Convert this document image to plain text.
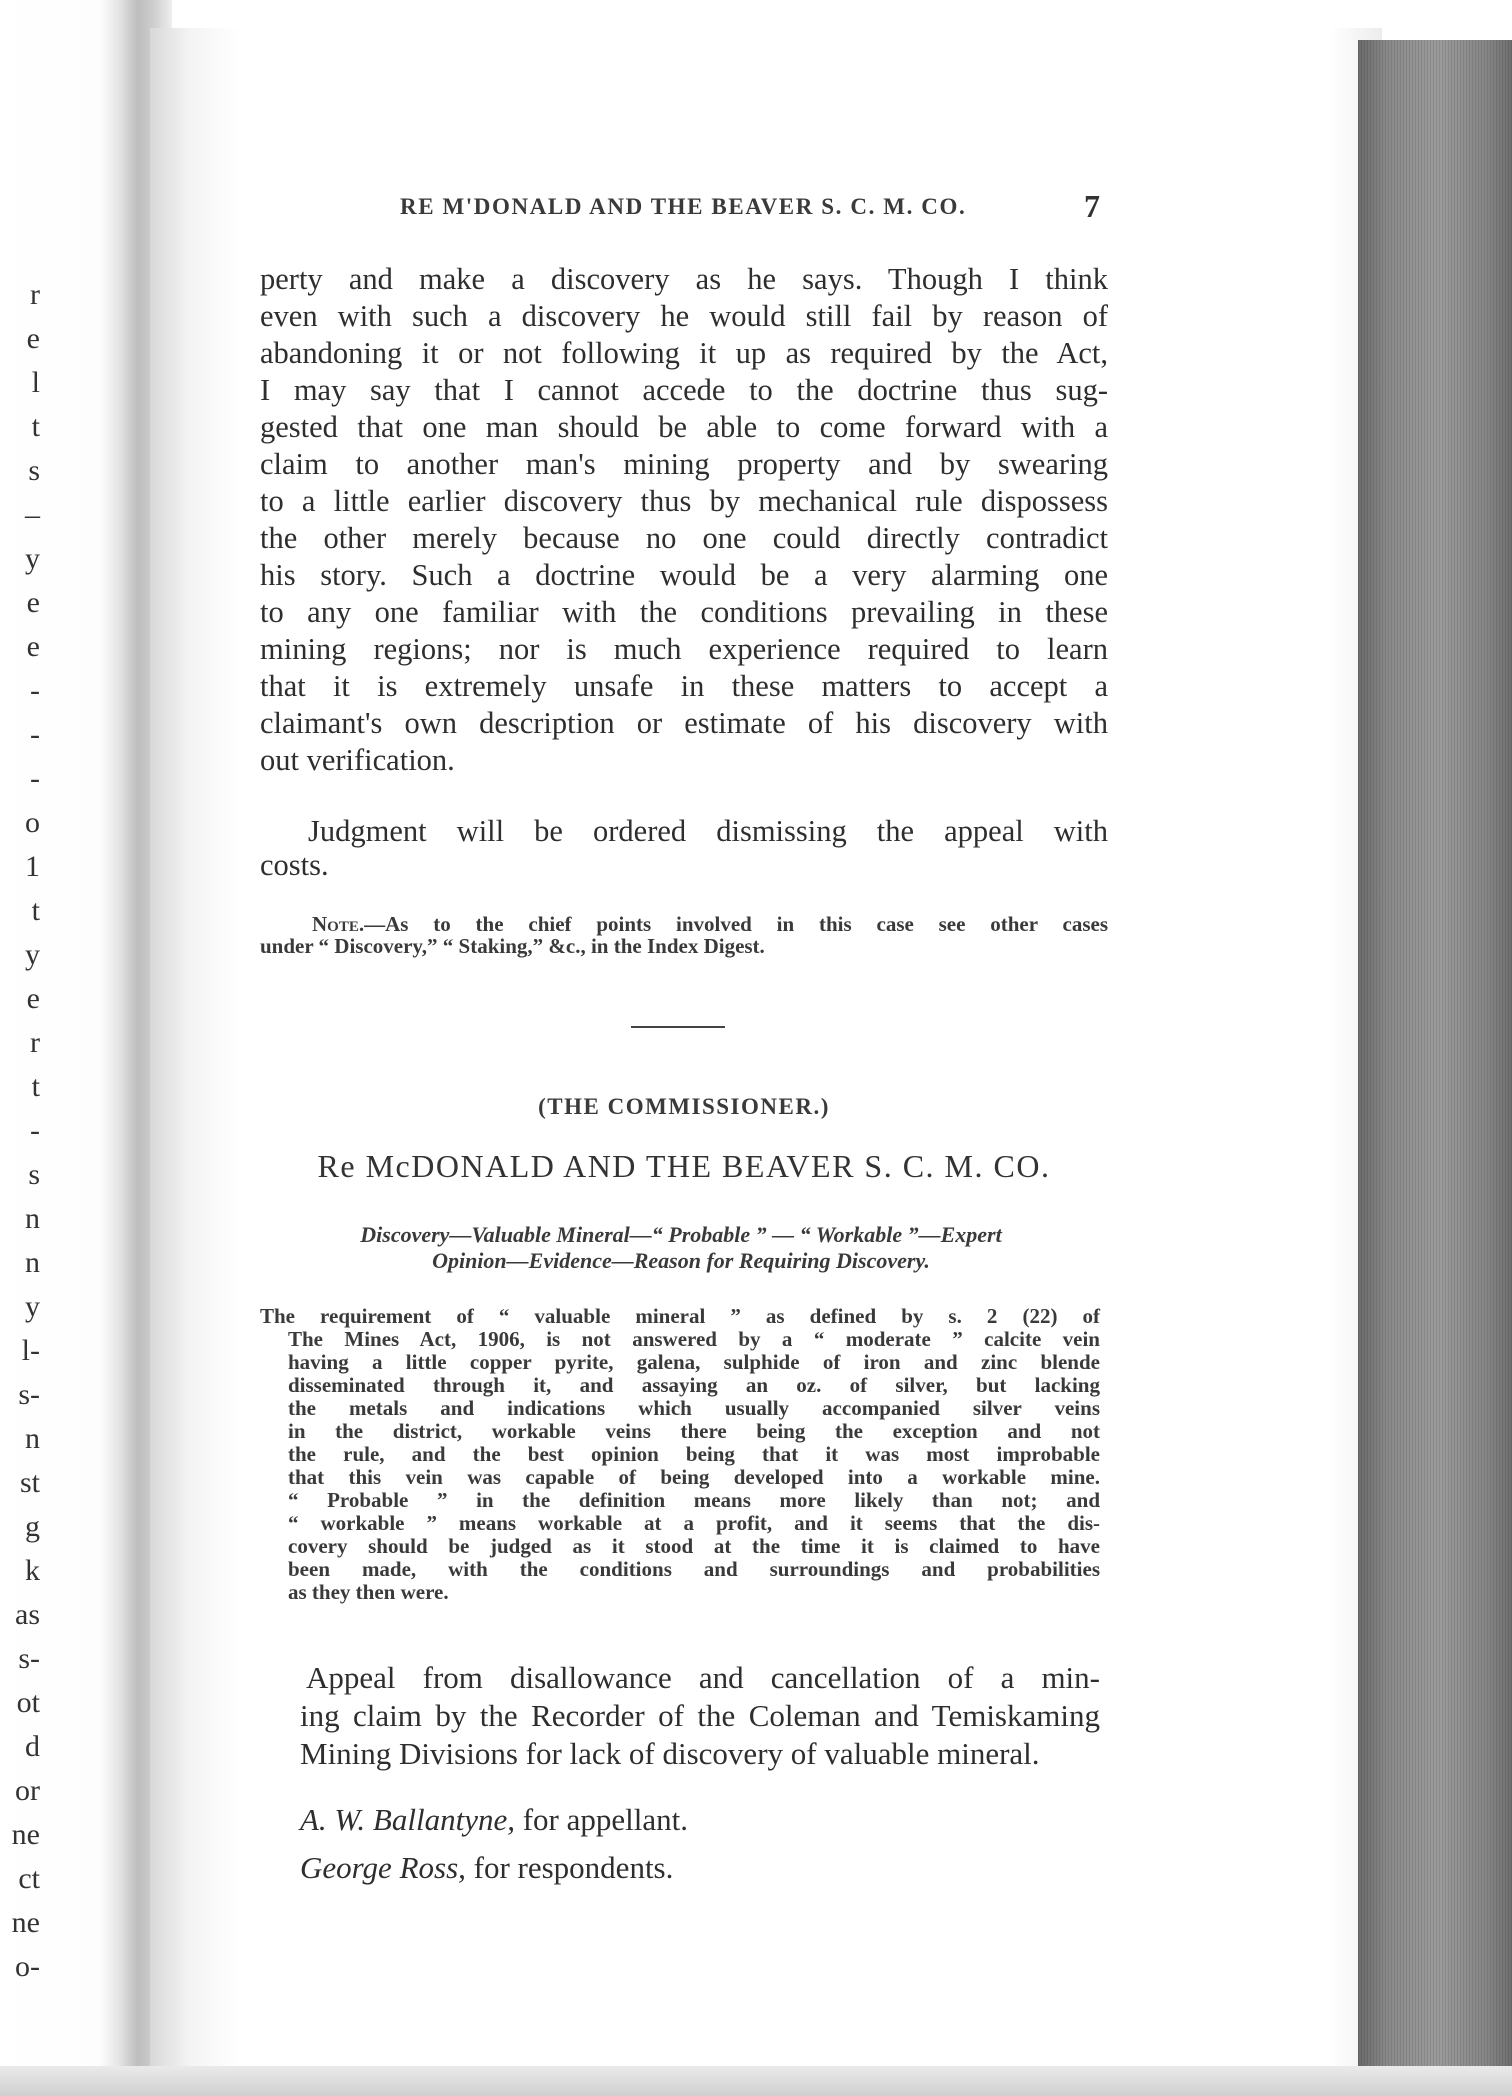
r
e
l
t
s
–
y
e
e
-
-
-
o
1
t
y
e
r
t
-
s
n
n
y
l-
s-
n
st
g
k
as
s-
ot
d
or
ne
ct
ne
o-
RE M'DONALD AND THE BEAVER S. C. M. CO.	7
perty and make a discovery as he says. Though I think
even with such a discovery he would still fail by reason of
abandoning it or not following it up as required by the Act,
I may say that I cannot accede to the doctrine thus sug-
gested that one man should be able to come forward with a
claim to another man's mining property and by swearing
to a little earlier discovery thus by mechanical rule dispossess
the other merely because no one could directly contradict
his story. Such a doctrine would be a very alarming one
to any one familiar with the conditions prevailing in these
mining regions; nor is much experience required to learn
that it is extremely unsafe in these matters to accept a
claimant's own description or estimate of his discovery with
out verification.
Judgment will be ordered dismissing the appeal with
costs.
Note.—As to the chief points involved in this case see other cases
under “ Discovery,” “ Staking,” &c., in the Index Digest.
(THE COMMISSIONER.)
Re McDONALD AND THE BEAVER S. C. M. CO.
Discovery—Valuable Mineral—“ Probable ” — “ Workable ”—Expert
Opinion—Evidence—Reason for Requiring Discovery.
The requirement of “ valuable mineral ” as defined by s. 2 (22) of
The Mines Act, 1906, is not answered by a “ moderate ” calcite vein
having a little copper pyrite, galena, sulphide of iron and zinc blende
disseminated through it, and assaying an oz. of silver, but lacking
the metals and indications which usually accompanied silver veins
in the district, workable veins there being the exception and not
the rule, and the best opinion being that it was most improbable
that this vein was capable of being developed into a workable mine.
“ Probable ” in the definition means more likely than not; and
“ workable ” means workable at a profit, and it seems that the dis-
covery should be judged as it stood at the time it is claimed to have
been made, with the conditions and surroundings and probabilities
as they then were.
Appeal from disallowance and cancellation of a min-
ing claim by the Recorder of the Coleman and Temiskaming
Mining Divisions for lack of discovery of valuable mineral.
A. W. Ballantyne, for appellant.
George Ross, for respondents.
